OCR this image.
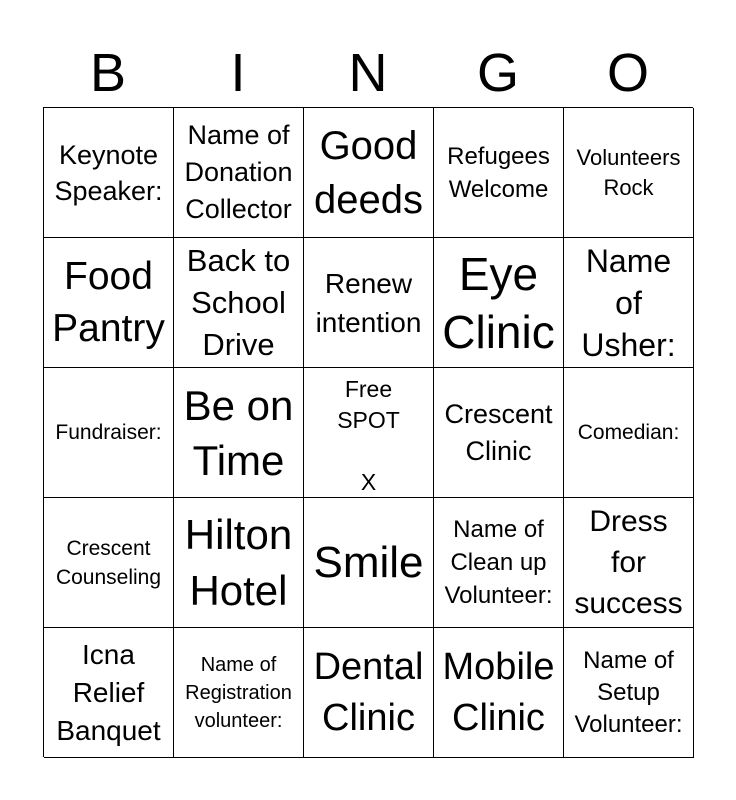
B	I	N	G	O
Keynote
Speaker:
Name of
Donation
Collector
Good
deeds
Refugees
Welcome
Volunteers
Rock
Food
Pantry
Back to
School
Drive
Renew
intention
Eye
Clinic
Name
of
Usher:
Fundraiser:
Be on
Time
Free
SPOT
X
Crescent
Clinic
Comedian:
Crescent
Counseling
Hilton
Hotel
Smile
Name of
Clean up
Volunteer:
Dress
for
success
Icna
Relief
Banquet
Name of
Registration
volunteer:
Dental
Clinic
Mobile
Clinic
Name of
Setup
Volunteer:
